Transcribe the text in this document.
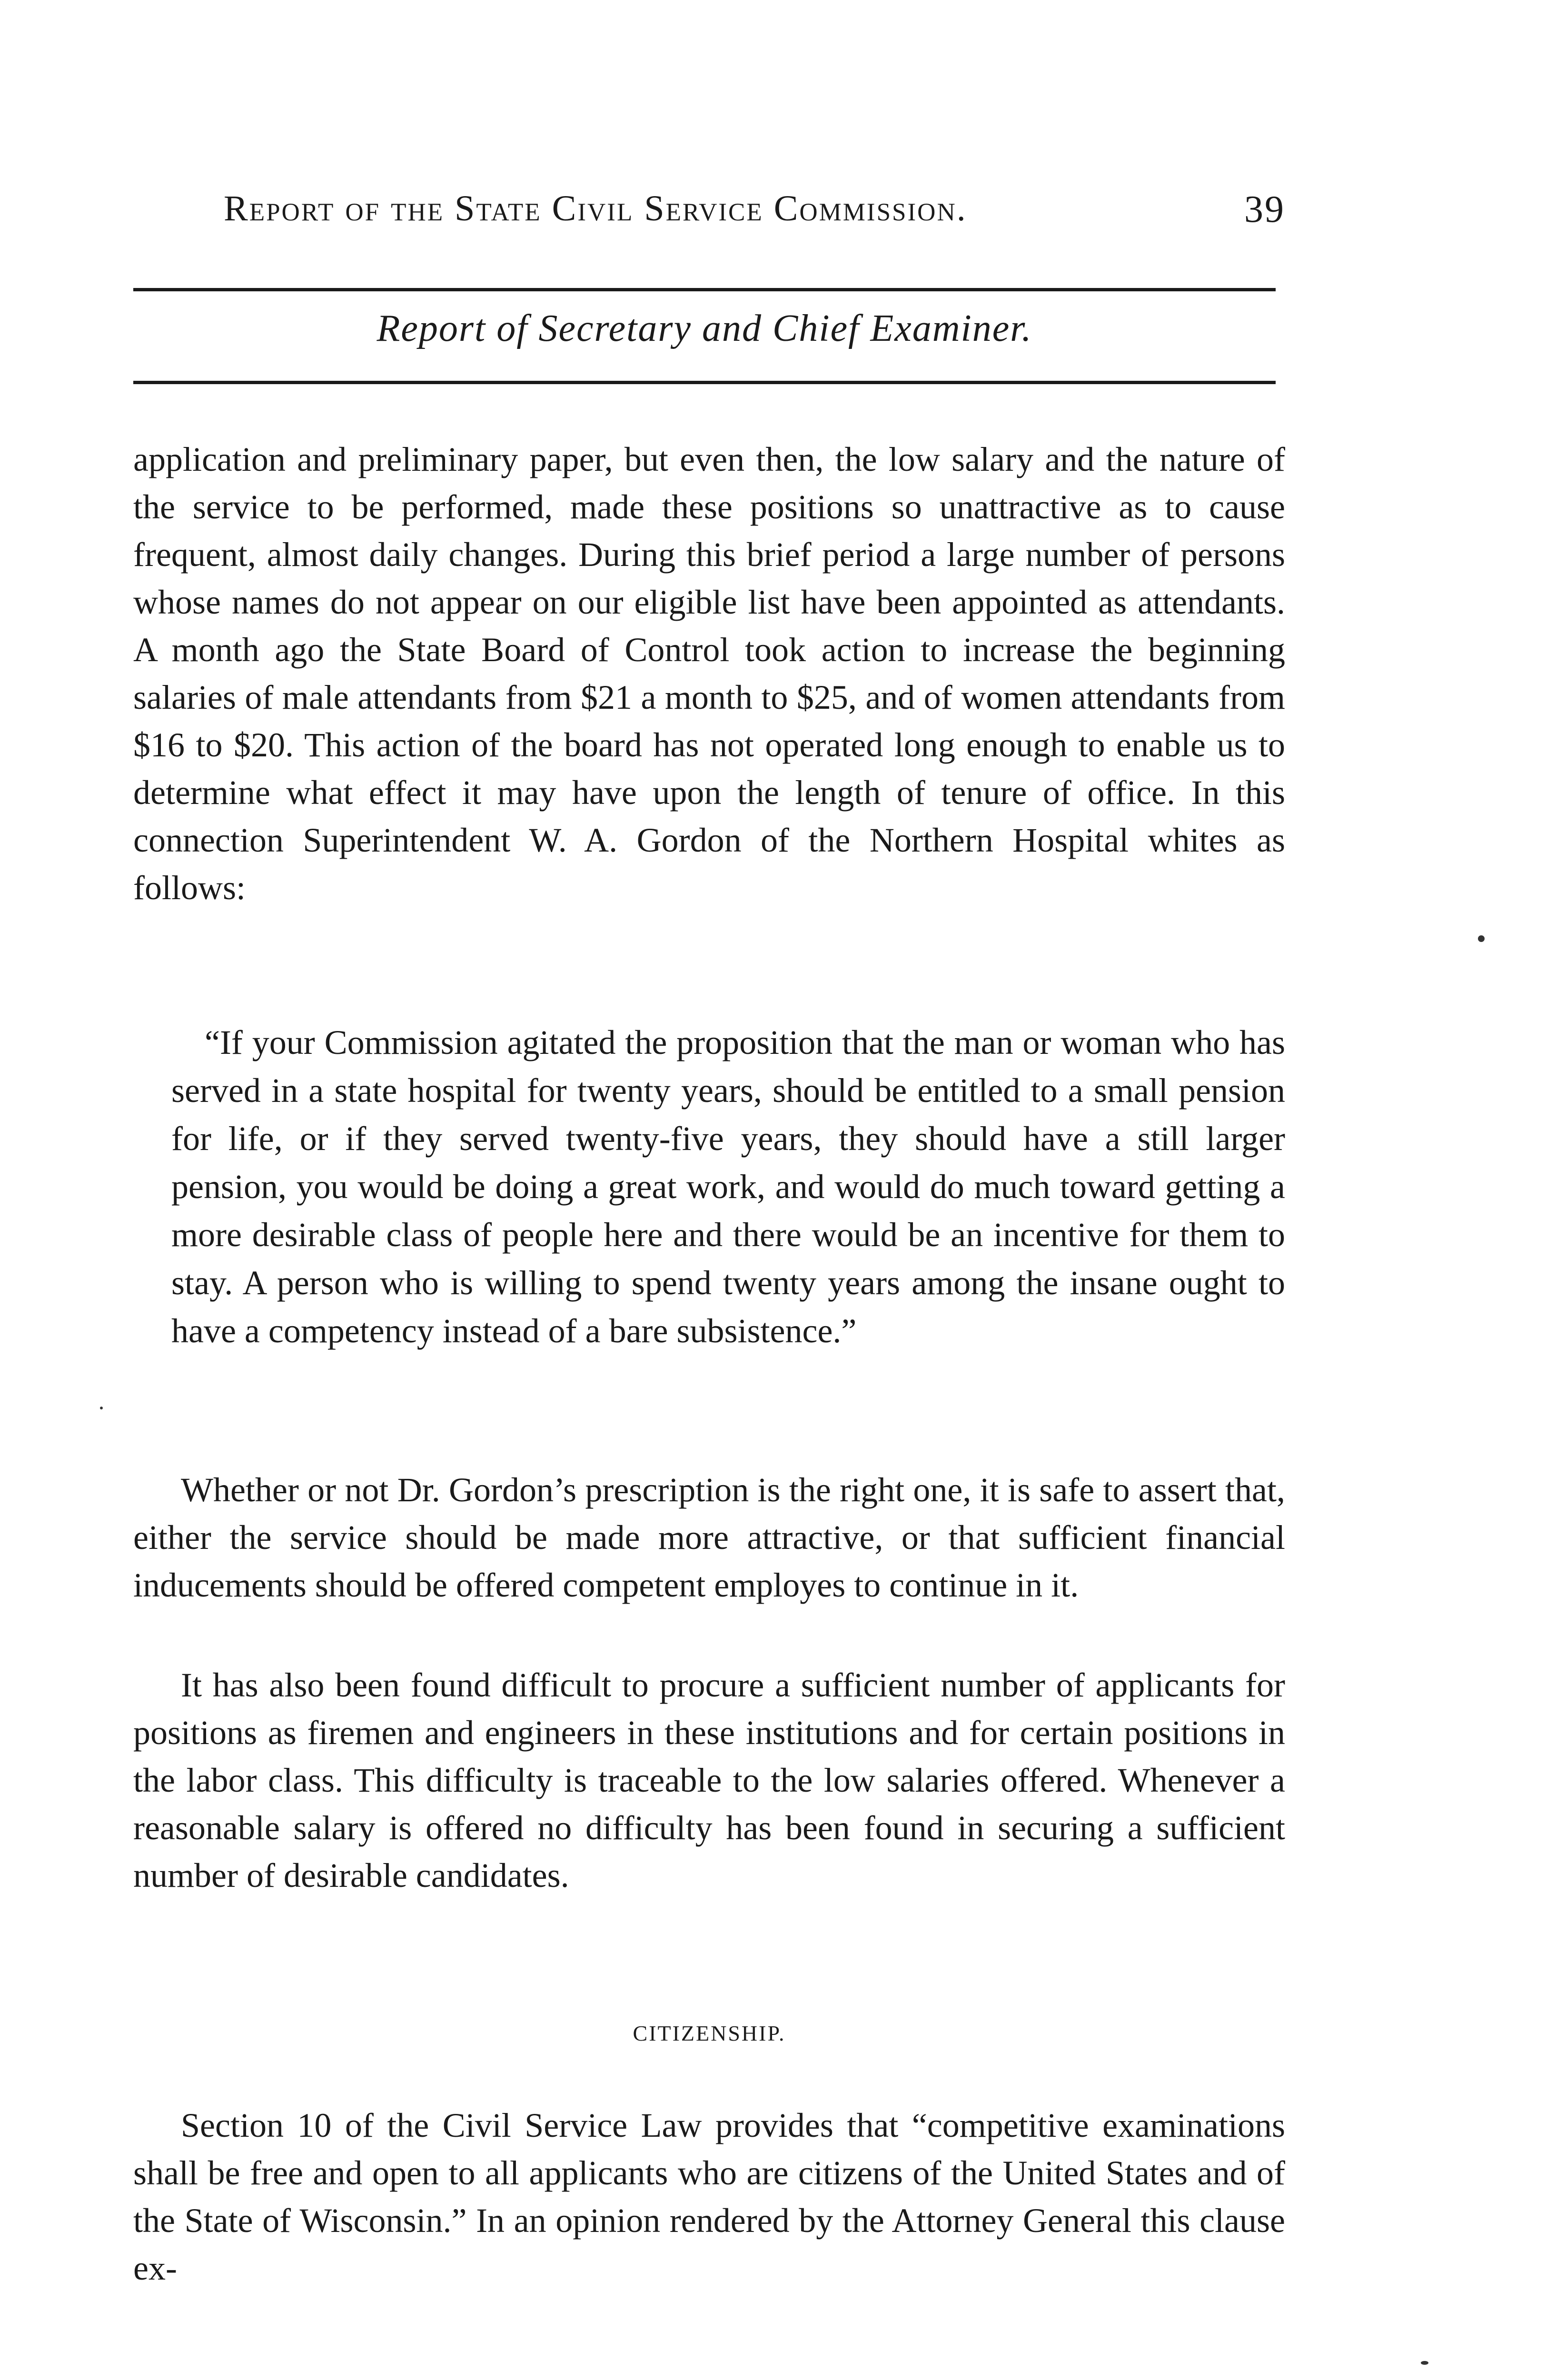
Report of the State Civil Service Commission.	39
Report of Secretary and Chief Examiner.

application and preliminary paper, but even then, the low salary and the nature of the service to be performed, made these positions so unattractive as to cause frequent, almost daily changes. During this brief period a large number of persons whose names do not appear on our eligible list have been appointed as attendants. A month ago the State Board of Control took action to increase the beginning salaries of male attendants from $21 a month to $25, and of women attendants from $16 to $20. This action of the board has not operated long enough to enable us to determine what effect it may have upon the length of tenure of office. In this connection Superintendent W. A. Gordon of the Northern Hospital whites as follows:

“If your Commission agitated the proposition that the man or woman who has served in a state hospital for twenty years, should be entitled to a small pension for life, or if they served twenty-five years, they should have a still larger pension, you would be doing a great work, and would do much toward getting a more desirable class of people here and there would be an incentive for them to stay. A person who is willing to spend twenty years among the insane ought to have a competency instead of a bare subsistence.”

Whether or not Dr. Gordon’s prescription is the right one, it is safe to assert that, either the service should be made more attractive, or that sufficient financial inducements should be offered competent employes to continue in it.

It has also been found difficult to procure a sufficient number of applicants for positions as firemen and engineers in these institutions and for certain positions in the labor class. This difficulty is traceable to the low salaries offered. Whenever a reasonable salary is offered no difficulty has been found in securing a sufficient number of desirable candidates.

CITIZENSHIP.

Section 10 of the Civil Service Law provides that “competitive examinations shall be free and open to all applicants who are citizens of the United States and of the State of Wisconsin.” In an opinion rendered by the Attorney General this clause ex-
